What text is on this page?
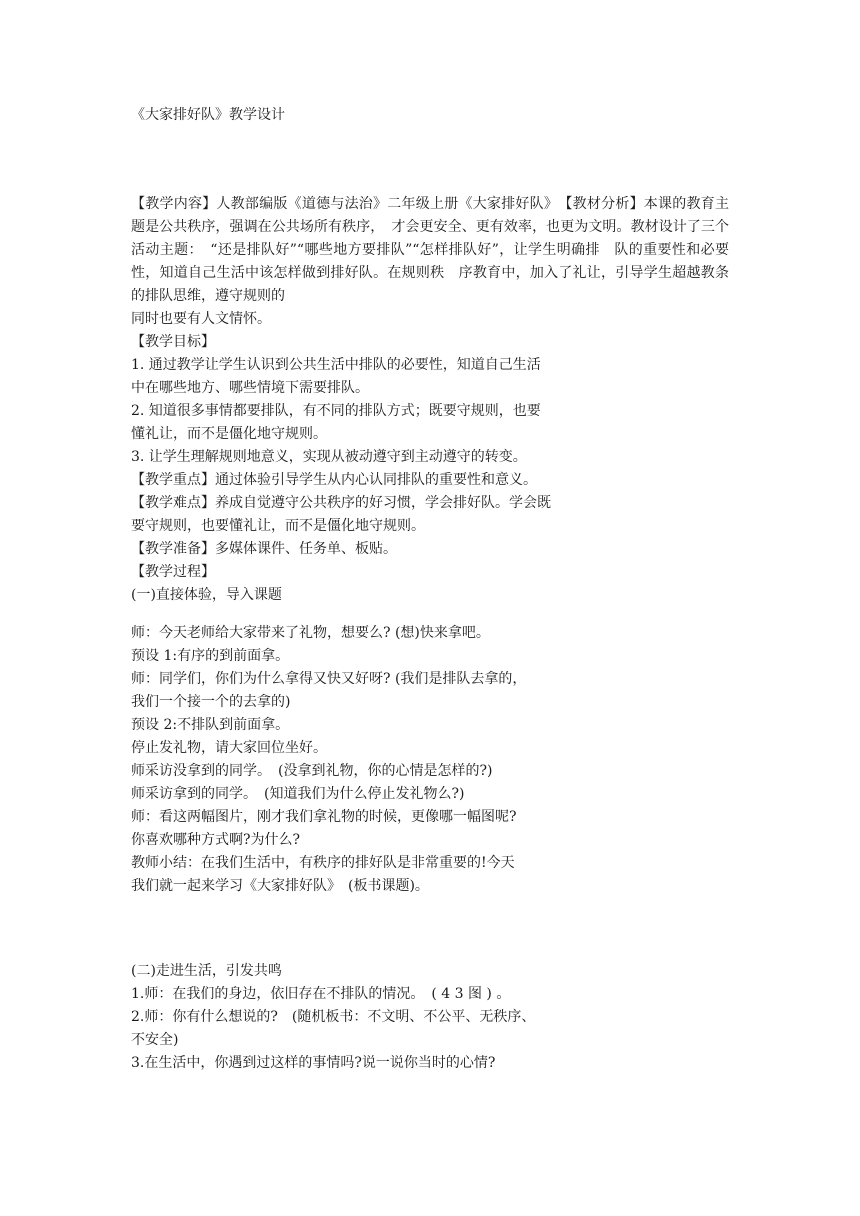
《大家排好队》教学设计

【教学内容】人教部编版《道德与法治》二年级上册《大家排好队》　【教材分析】本课的教育主题是公共秩序，强调在公共场所有秩序，　才会更安全、更有效率，也更为文明。教材设计了三个活动主题：　“还是排队好”“哪些地方要排队”“怎样排队好”，让学生明确排　队的重要性和必要性，知道自己生活中该怎样做到排好队。在规则秩　序教育中，加入了礼让，引导学生超越教条的排队思维，遵守规则的

同时也要有人文情怀。
【教学目标】
1. 通过教学让学生认识到公共生活中排队的必要性，知道自己生活
中在哪些地方、哪些情境下需要排队。
2. 知道很多事情都要排队，有不同的排队方式；既要守规则，也要
懂礼让，而不是僵化地守规则。
3. 让学生理解规则地意义，实现从被动遵守到主动遵守的转变。
【教学重点】通过体验引导学生从内心认同排队的重要性和意义。
【教学难点】养成自觉遵守公共秩序的好习惯，学会排好队。学会既
要守规则，也要懂礼让，而不是僵化地守规则。
【教学准备】多媒体课件、任务单、板贴。
【教学过程】
(一)直接体验，导入课题
师：今天老师给大家带来了礼物，想要么? (想)快来拿吧。
预设 1:有序的到前面拿。
师：同学们，你们为什么拿得又快又好呀? (我们是排队去拿的，
我们一个接一个的去拿的)
预设 2:不排队到前面拿。
停止发礼物，请大家回位坐好。
师采访没拿到的同学。　(没拿到礼物，你的心情是怎样的?)
师采访拿到的同学。　(知道我们为什么停止发礼物么?)
师：看这两幅图片，刚才我们拿礼物的时候，更像哪一幅图呢?
你喜欢哪种方式啊?为什么?
教师小结：在我们生活中，有秩序的排好队是非常重要的!今天
我们就一起来学习《大家排好队》　(板书课题)。
(二)走进生活，引发共鸣
1.师：在我们的身边，依旧存在不排队的情况。　( 4 3 图 ) 。
2.师：你有什么想说的?　(随机板书：不文明、不公平、无秩序、
不安全)
3.在生活中，你遇到过这样的事情吗?说一说你当时的心情?
